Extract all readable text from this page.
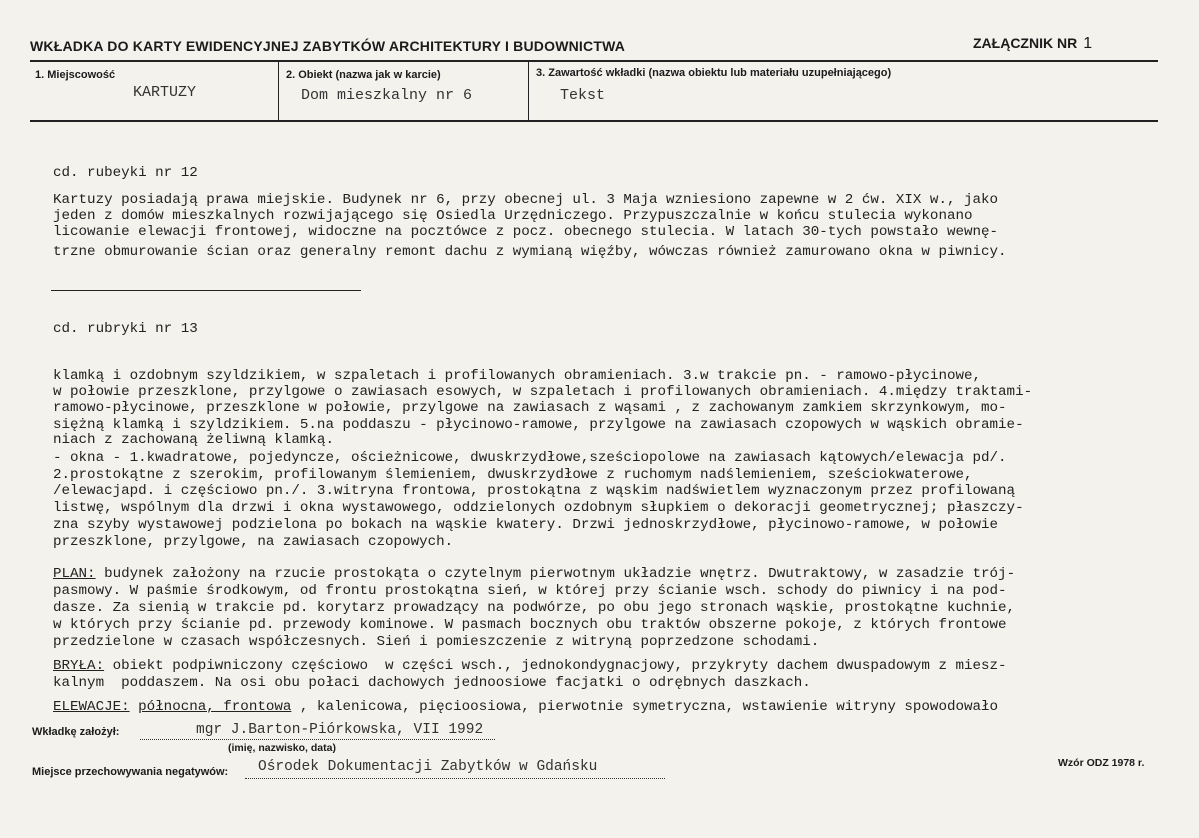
WKŁADKA DO KARTY EWIDENCYJNEJ ZABYTKÓW ARCHITEKTURY I BUDOWNICTWA	ZAŁĄCZNIK NR 1
1. Miejscowość
KARTUZY
2. Obiekt (nazwa jak w karcie)
Dom mieszkalny nr 6
3. Zawartość wkładki (nazwa obiektu lub materiału uzupełniającego)
Tekst
cd. rubeyki nr 12
Kartuzy posiadają prawa miejskie. Budynek nr 6, przy obecnej ul. 3 Maja wzniesiono zapewne w 2 ćw. XIX w., jako
jeden z domów mieszkalnych rozwijającego się Osiedla Urzędniczego. Przypuszczalnie w końcu stulecia wykonano
licowanie elewacji frontowej, widoczne na pocztówce z pocz. obecnego stulecia. W latach 30-tych powstało wewnę-
trzne obmurowanie ścian oraz generalny remont dachu z wymianą więźby, wówczas również zamurowano okna w piwnicy.
cd. rubryki nr 13
klamką i ozdobnym szyldzikiem, w szpaletach i profilowanych obramieniach. 3.w trakcie pn. - ramowo-płycinowe,
w połowie przeszklone, przylgowe o zawiasach esowych, w szpaletach i profilowanych obramieniach. 4.między traktami-
ramowo-płycinowe, przeszklone w połowie, przylgowe na zawiasach z wąsami , z zachowanym zamkiem skrzynkowym, mo-
siężną klamką i szyldzikiem. 5.na poddaszu - płycinowo-ramowe, przylgowe na zawiasach czopowych w wąskich obramie-
niach z zachowaną żeliwną klamką.
- okna - 1.kwadratowe, pojedyncze, ościeżnicowe, dwuskrzydłowe,sześciopolowe na zawiasach kątowych/elewacja pd/.
2.prostokątne z szerokim, profilowanym ślemieniem, dwuskrzydłowe z ruchomym nadślemieniem, sześciokwaterowe,
/elewacjapd. i częściowo pn./. 3.witryna frontowa, prostokątna z wąskim nadświetlem wyznaczonym przez profilowaną
listwę, wspólnym dla drzwi i okna wystawowego, oddzielonych ozdobnym słupkiem o dekoracji geometrycznej; płaszczy-
zna szyby wystawowej podzielona po bokach na wąskie kwatery. Drzwi jednoskrzydłowe, płycinowo-ramowe, w połowie
przeszklone, przylgowe, na zawiasach czopowych.
PLAN: budynek założony na rzucie prostokąta o czytelnym pierwotnym układzie wnętrz. Dwutraktowy, w zasadzie trój-
pasmowy. W paśmie środkowym, od frontu prostokątna sień, w której przy ścianie wsch. schody do piwnicy i na pod-
dasze. Za sienią w trakcie pd. korytarz prowadzący na podwórze, po obu jego stronach wąskie, prostokątne kuchnie,
w których przy ścianie pd. przewody kominowe. W pasmach bocznych obu traktów obszerne pokoje, z których frontowe
przedzielone w czasach współczesnych. Sień i pomieszczenie z witryną poprzedzone schodami.
BRYŁA: obiekt podpiwniczony częściowo  w części wsch., jednokondygnacjowy, przykryty dachem dwuspadowym z miesz-
kalnym  poddaszem. Na osi obu połaci dachowych jednoosiowe facjatki o odrębnych daszkach.
ELEWACJE: północna, frontowa , kalenicowa, pięcioosiowa, pierwotnie symetryczna, wstawienie witryny spowodowało
Wkładkę założył:	mgr J.Barton-Piórkowska, VII 1992
(imię, nazwisko, data)
Miejsce przechowywania negatywów: Ośrodek Dokumentacji Zabytków w Gdańsku	Wzór ODZ 1978 r.
